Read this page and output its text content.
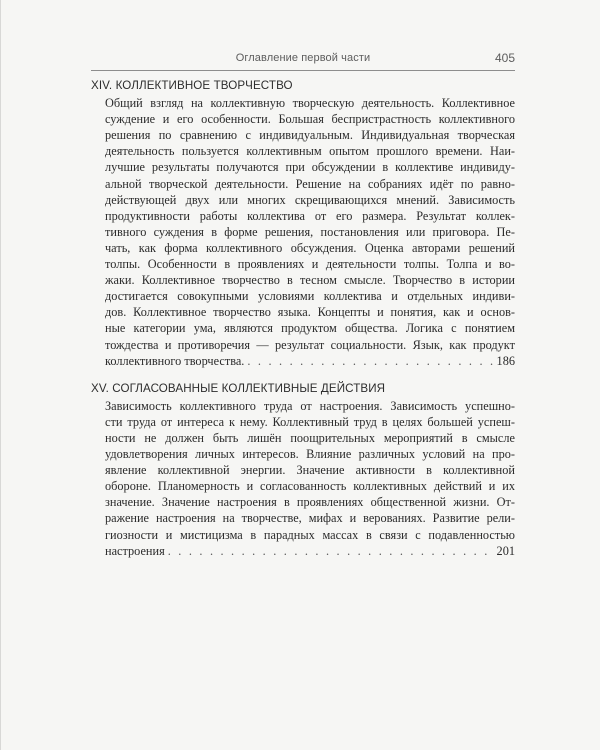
Оглавление первой части	405
XIV. КОЛЛЕКТИВНОЕ ТВОРЧЕСТВО
Общий взгляд на коллективную творческую деятельность. Коллективное
суждение и его особенности. Большая беспристрастность коллективного
решения по сравнению с индивидуальным. Индивидуальная творческая
деятельность пользуется коллективным опытом прошлого времени. Наи-
лучшие результаты получаются при обсуждении в коллективе индивиду-
альной творческой деятельности. Решение на собраниях идёт по равно-
действующей двух или многих скрещивающихся мнений. Зависимость
продуктивности работы коллектива от его размера. Результат коллек-
тивного суждения в форме решения, постановления или приговора. Пе-
чать, как форма коллективного обсуждения. Оценка авторами решений
толпы. Особенности в проявлениях и деятельности толпы. Толпа и во-
жаки. Коллективное творчество в тесном смысле. Творчество в истории
достигается совокупными условиями коллектива и отдельных индиви-
дов. Коллективное творчество языка. Концепты и понятия, как и основ-
ные категории ума, являются продуктом общества. Логика с понятием
тождества и противоречия — результат социальности. Язык, как продукт
коллективного творчества. . . .	186
XV. СОГЛАСОВАННЫЕ КОЛЛЕКТИВНЫЕ ДЕЙСТВИЯ
Зависимость коллективного труда от настроения. Зависимость успешно-
сти труда от интереса к нему. Коллективный труд в целях большей успеш-
ности не должен быть лишён поощрительных мероприятий в смысле
удовлетворения личных интересов. Влияние различных условий на про-
явление коллективной энергии. Значение активности в коллективной
обороне. Планомерность и согласованность коллективных действий и их
значение. Значение настроения в проявлениях общественной жизни. От-
ражение настроения на творчестве, мифах и верованиях. Развитие рели-
гиозности и мистицизма в парадных массах в связи с подавленностью
настроения . . .	201
